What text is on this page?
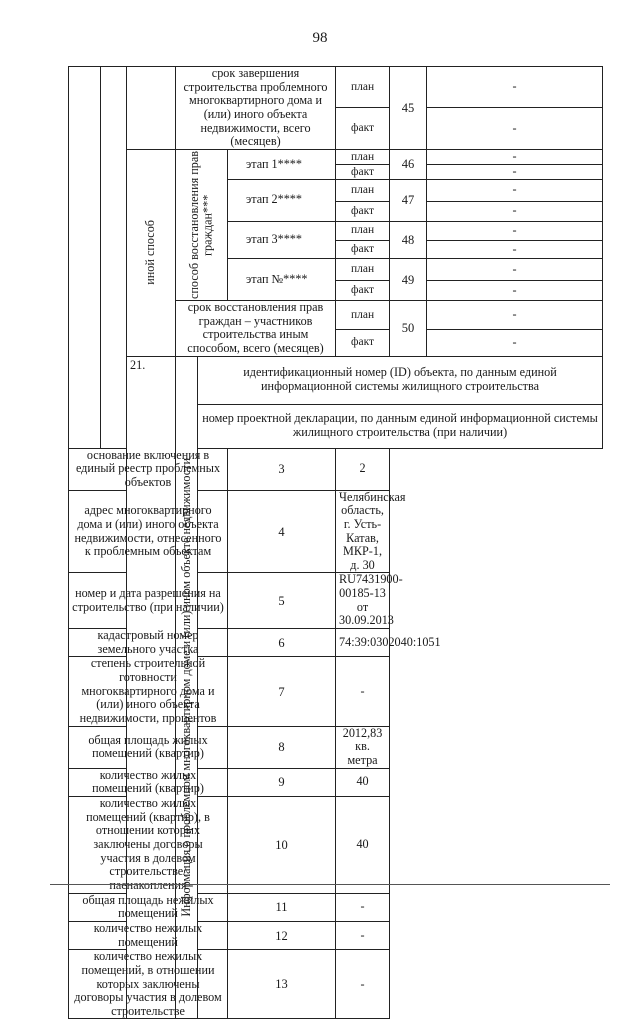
98
			срок завершения строительства проблемного многоквартирного дома и (или) иного объекта недвижимости, всего (месяцев)			план	45	-	
						факт		-	

		иной способ	способ восстановления прав граждан***		этап 1****	план	46	-	
						факт		-	
					этап 2****	план	47	-	
						факт		-	
					этап 3****	план	48	-	
						факт		-	
					этап №****	план	49	-	
						факт		-	
			срок восстановления прав граждан – участников строительства иным способом, всего (месяцев)			план	50	-	
						факт		-	
		21.	Информация о проблемном многоквартирном доме и (или) ином объекте недвижимости	идентификационный номер (ID) объекта, по данным единой информационной системы жилищного строительства		
				номер проектной декларации, по данным единой информационной системы жилищного строительства (при наличии)		
основание включения в единый реестр проблемных объектов					3	2			
адрес многоквартирного дома и (или) иного объекта недвижимости, отнесенного к проблемным объектам					4	Челябинская область, г. Усть-Катав, МКР-1, д. 30			
номер и дата разрешения на строительство (при наличии)					5	RU7431900-00185-13 от 30.09.2013			
кадастровый номер земельного участка					6	74:39:0302040:1051			
степень строительной готовности многоквартирного дома и (или) иного объекта недвижимости, процентов					7	-			
общая площадь жилых помещений (квартир)					8	2012,83 кв. метра			
количество жилых помещений (квартир)					9	40			
количество жилых помещений (квартир), в отношении которых заключены договоры участия в долевом строительстве/паенакопления					10	40			
общая площадь нежилых помещений					11	-			
количество нежилых помещений					12	-			
количество нежилых помещений, в отношении которых заключены договоры участия в долевом строительстве					13	-			
